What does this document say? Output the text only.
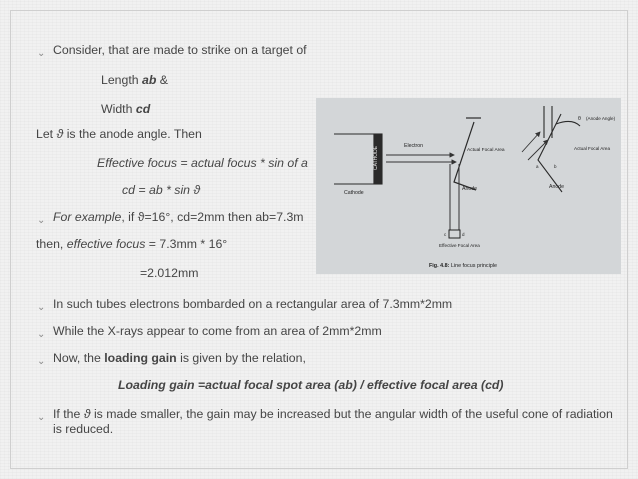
⌄ Consider, that are made to strike on a target of
Length ab &
Width cd
Let ϑ is the anode angle. Then
Effective focus = actual focus * sin of a
cd = ab * sin ϑ
⌄ For example, if ϑ=16°, cd=2mm then ab=7.3m
then, effective focus = 7.3mm * 16°
=2.012mm
⌄ In such tubes electrons bombarded on a rectangular area of 7.3mm*2mm
⌄ While the X-rays appear to come from an area of 2mm*2mm
⌄ Now, the loading gain is given by the relation,
Loading gain =actual focal spot area (ab) / effective focal area (cd)
⌄ If the ϑ is made smaller, the gain may be increased but the angular width of the useful cone of radiation is reduced.
CATHODE
Cathode
Electron
Anode
Actual Focal Area
c	d
Effective Focal Area
Fig. 4.8: Line focus principle
θ (Anode Angle)
Actual Focal Area
Anode
a	b
